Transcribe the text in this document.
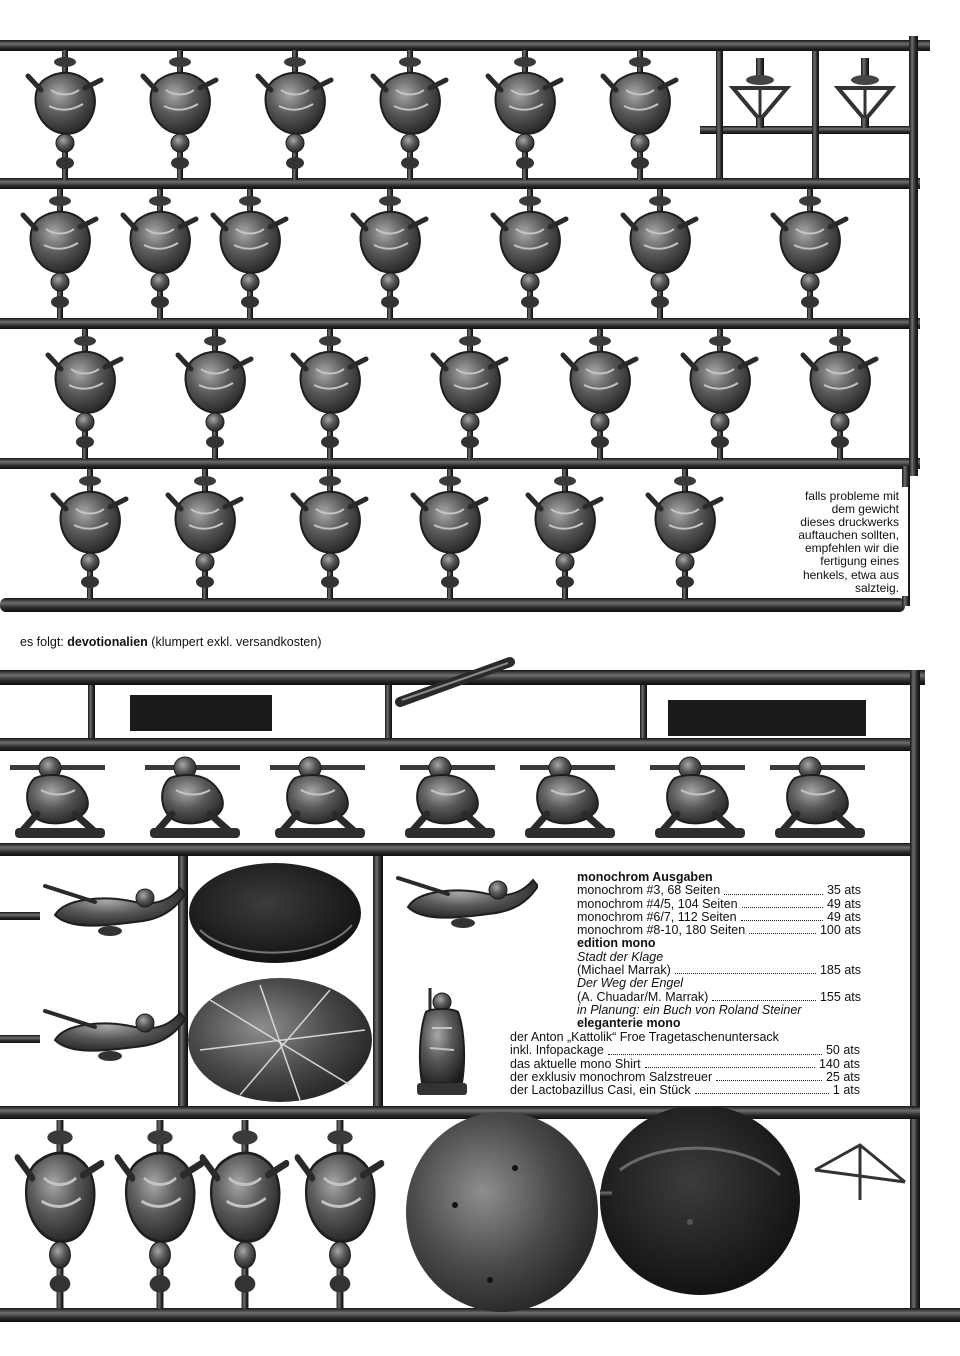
falls probleme mit
dem gewicht
dieses druckwerks
auftauchen sollten,
empfehlen wir die
fertigung eines
henkels, etwa aus
salzteig.

es folgt: devotionalien (klumpert exkl. versandkosten)

monochrom Ausgaben
monochrom #3, 68 Seiten	35 ats
monochrom #4/5, 104 Seiten	49 ats
monochrom #6/7, 112 Seiten	49 ats
monochrom #8-10, 180 Seiten	100 ats
edition mono
Stadt der Klage
(Michael Marrak)	185 ats
Der Weg der Engel
(A. Chuadar/M. Marrak)	155 ats
in Planung: ein Buch von Roland Steiner
eleganterie mono
der Anton „Kattolik“ Froe Tragetaschenuntersack
inkl. Infopackage	50 ats
das aktuelle mono Shirt	140 ats
der exklusiv monochrom Salzstreuer	25 ats
der Lactobazillus Casi, ein Stück	1 ats
